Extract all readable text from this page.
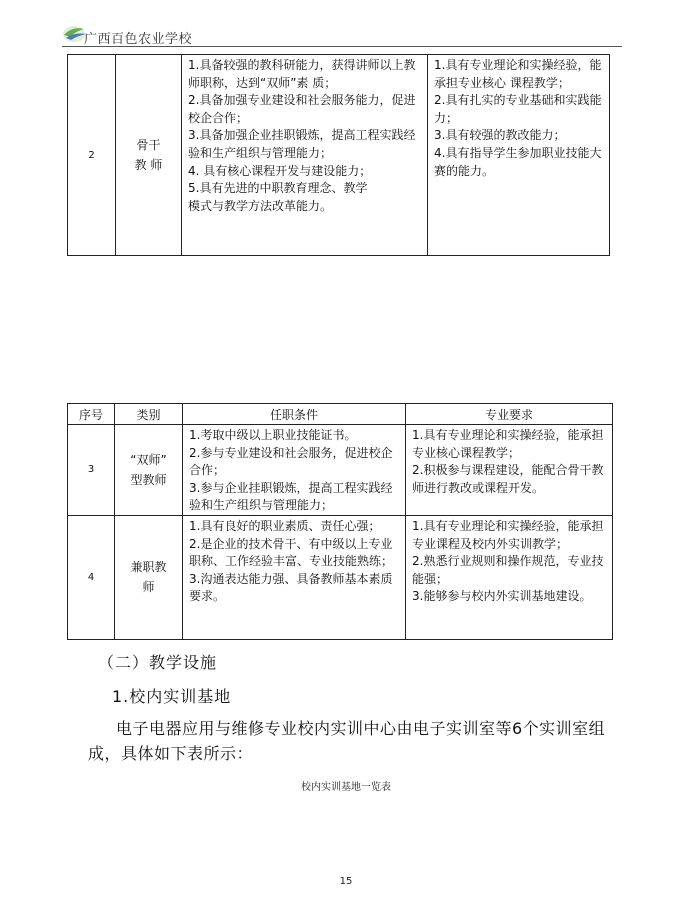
广西百色农业学校
2	骨干
教 师	1.具备较强的教科研能力，获得讲师以上教师职称，达到“双师”素 质；
2.具备加强专业建设和社会服务能力，促进校企合作；
3.具备加强企业挂职锻炼，提高工程实践经验和生产组织与管理能力；
4. 具有核心课程开发与建设能力；
5.具有先进的中职教育理念、教学
模式与教学方法改革能力。	1.具有专业理论和实操经验，能承担专业核心 课程教学；
2.具有扎实的专业基础和实践能力；
3.具有较强的教改能力；
4.具有指导学生参加职业技能大赛的能力。
序号	类别	任职条件	专业要求
3	“双师”
型教师	1.考取中级以上职业技能证书。
2.参与专业建设和社会服务，促进校企合作；
3.参与企业挂职锻炼，提高工程实践经验和生产组织与管理能力；	1.具有专业理论和实操经验，能承担专业核心课程教学；
2.积极参与课程建设，能配合骨干教师进行教改或课程开发。
4	兼职教
师	1.具有良好的职业素质、责任心强；
2.是企业的技术骨干、有中级以上专业职称、工作经验丰富、专业技能熟练；
3.沟通表达能力强、具备教师基本素质要求。	1.具有专业理论和实操经验，能承担专业课程及校内外实训教学；
2.熟悉行业规则和操作规范，专业技能强；
3.能够参与校内外实训基地建设。
（二）教学设施
1.校内实训基地
电子电器应用与维修专业校内实训中心由电子实训室等6个实训室组成，具体如下表所示：
校内实训基地一览表
15
